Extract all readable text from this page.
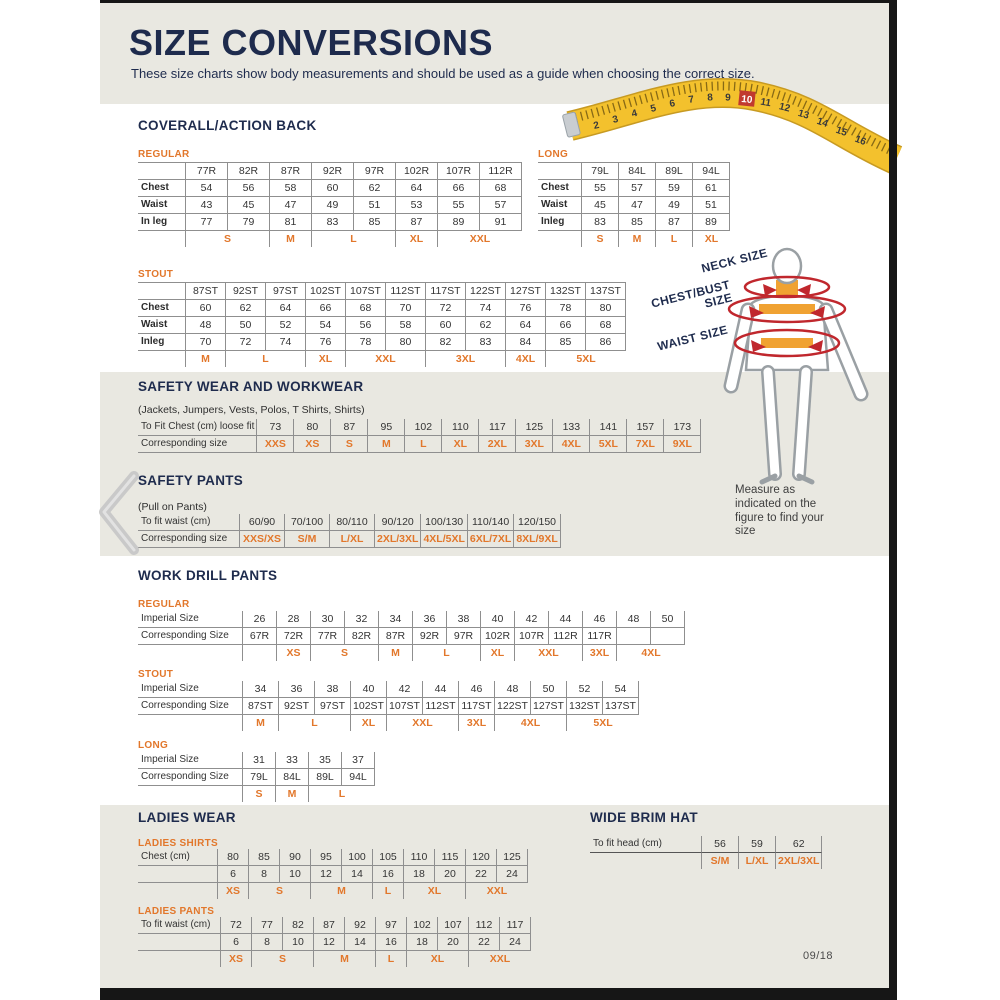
SIZE CONVERSIONS
These size charts show body measurements and should be used as a guide when choosing the correct size.
2 3 4 5 6 7 8 9 10 11 12
13
14
15
16
COVERALL/ACTION BACK
REGULAR
	77R	82R	87R	92R	97R	102R	107R	112R
Chest	54	56	58	60	62	64	66	68
Waist	43	45	47	49	51	53	55	57
In leg	77	79	81	83	85	87	89	91
	S		M	L		XL	XXL	
LONG
	79L	84L	89L	94L
Chest	55	57	59	61
Waist	45	47	49	51
Inleg	83	85	87	89
	S	M	L	XL
STOUT
	87ST	92ST	97ST	102ST	107ST	112ST	117ST	122ST	127ST	132ST	137ST
Chest	60	62	64	66	68	70	72	74	76	78	80
Waist	48	50	52	54	56	58	60	62	64	66	68
Inleg	70	72	74	76	78	80	82	83	84	85	86
	M	L		XL	XXL		3XL		4XL	5XL	
SAFETY WEAR AND WORKWEAR
(Jackets, Jumpers, Vests, Polos, T Shirts, Shirts)
To Fit Chest (cm) loose fit	73	80	87	95	102	110	117	125	133	141	157	173
Corresponding size	XXS	XS	S	M	L	XL	2XL	3XL	4XL	5XL	7XL	9XL
SAFETY PANTS
(Pull on Pants)
To fit waist (cm)	60/90	70/100	80/110	90/120	100/130	110/140	120/150
Corresponding size	XXS/XS	S/M	L/XL	2XL/3XL	4XL/5XL	6XL/7XL	8XL/9XL
NECK SIZE
CHEST/BUST SIZE
WAIST SIZE
Measure as indicated on the figure to find your size
WORK DRILL PANTS
REGULAR
Imperial Size	26	28	30	32	34	36	38	40	42	44	46	48	50
Corresponding Size	67R	72R	77R	82R	87R	92R	97R	102R	107R	112R	117R		
		XS	S		M	L		XL	XXL		3XL	4XL	
STOUT
Imperial Size	34	36	38	40	42	44	46	48	50	52	54
Corresponding Size	87ST	92ST	97ST	102ST	107ST	112ST	117ST	122ST	127ST	132ST	137ST
	M	L		XL	XXL		3XL	4XL		5XL	
LONG
Imperial Size	31	33	35	37
Corresponding Size	79L	84L	89L	94L
	S	M	L	
LADIES WEAR
LADIES SHIRTS
Chest (cm)	80	85	90	95	100	105	110	115	120	125
	6	8	10	12	14	16	18	20	22	24
	XS	S		M		L	XL		XXL	
LADIES PANTS
To fit waist (cm)	72	77	82	87	92	97	102	107	112	117
	6	8	10	12	14	16	18	20	22	24
	XS	S		M		L	XL		XXL	
WIDE BRIM HAT
To fit head (cm)	56	59	62
	S/M	L/XL	2XL/3XL
09/18
